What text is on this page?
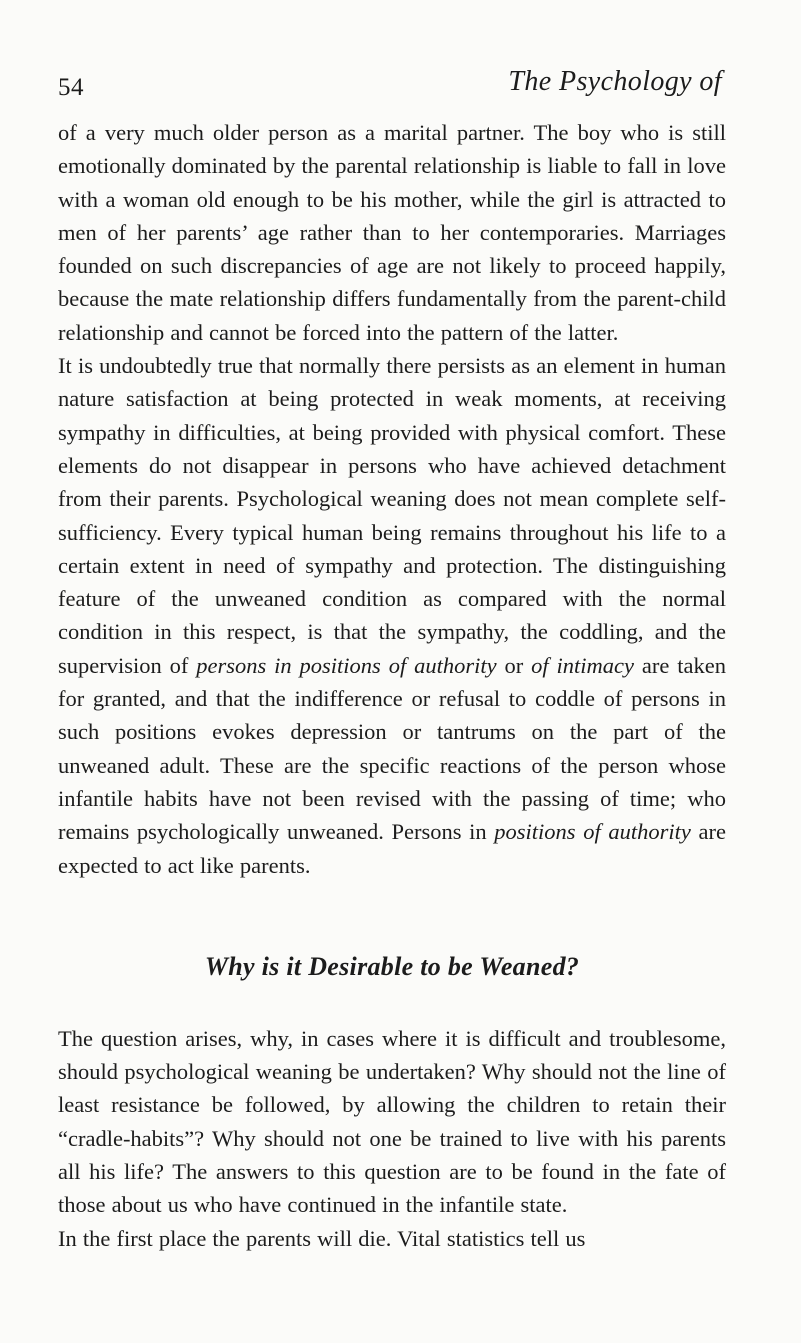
54	The Psychology of

of a very much older person as a marital partner. The boy who is still emotionally dominated by the parental relationship is liable to fall in love with a woman old enough to be his mother, while the girl is attracted to men of her parents’ age rather than to her contemporaries. Marriages founded on such discrepancies of age are not likely to proceed happily, because the mate relationship differs fundamentally from the parent-child relationship and cannot be forced into the pattern of the latter.

It is undoubtedly true that normally there persists as an element in human nature satisfaction at being protected in weak moments, at receiving sympathy in difficulties, at being provided with physical comfort. These elements do not disappear in persons who have achieved detachment from their parents. Psychological weaning does not mean complete self-sufficiency. Every typical human being remains throughout his life to a certain extent in need of sympathy and protection. The distinguishing feature of the unweaned condition as compared with the normal condition in this respect, is that the sympathy, the coddling, and the supervision of persons in positions of authority or of intimacy are taken for granted, and that the indifference or refusal to coddle of persons in such positions evokes depression or tantrums on the part of the unweaned adult. These are the specific reactions of the person whose infantile habits have not been revised with the passing of time; who remains psychologically unweaned. Persons in positions of authority are expected to act like parents.

Why is it Desirable to be Weaned?

The question arises, why, in cases where it is difficult and troublesome, should psychological weaning be undertaken? Why should not the line of least resistance be followed, by allowing the children to retain their “cradle-habits”? Why should not one be trained to live with his parents all his life? The answers to this question are to be found in the fate of those about us who have continued in the infantile state.

In the first place the parents will die. Vital statistics tell us
